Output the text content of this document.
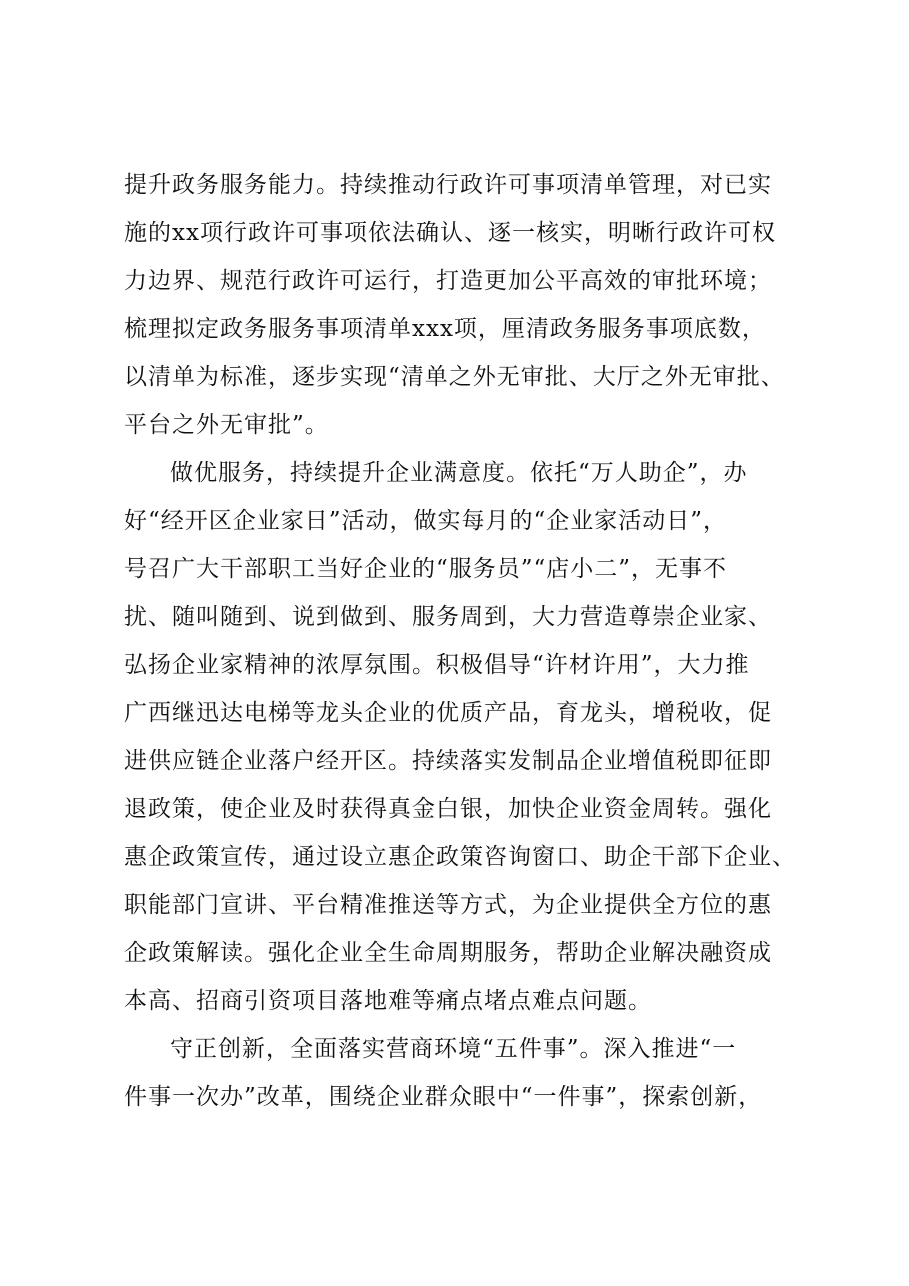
提升政务服务能力。持续推动行政许可事项清单管理，对已实
施的xx项行政许可事项依法确认、逐一核实，明晰行政许可权
力边界、规范行政许可运行，打造更加公平高效的审批环境；
梳理拟定政务服务事项清单xxx项，厘清政务服务事项底数，
以清单为标准，逐步实现“清单之外无审批、大厅之外无审批、
平台之外无审批”。
做优服务，持续提升企业满意度。依托“万人助企”，办
好“经开区企业家日”活动，做实每月的“企业家活动日”，
号召广大干部职工当好企业的“服务员”“店小二”，无事不
扰、随叫随到、说到做到、服务周到，大力营造尊崇企业家、
弘扬企业家精神的浓厚氛围。积极倡导“许材许用”，大力推
广西继迅达电梯等龙头企业的优质产品，育龙头，增税收，促
进供应链企业落户经开区。持续落实发制品企业增值税即征即
退政策，使企业及时获得真金白银，加快企业资金周转。强化
惠企政策宣传，通过设立惠企政策咨询窗口、助企干部下企业、
职能部门宣讲、平台精准推送等方式，为企业提供全方位的惠
企政策解读。强化企业全生命周期服务，帮助企业解决融资成
本高、招商引资项目落地难等痛点堵点难点问题。
守正创新，全面落实营商环境“五件事”。深入推进“一
件事一次办”改革，围绕企业群众眼中“一件事”，探索创新，
